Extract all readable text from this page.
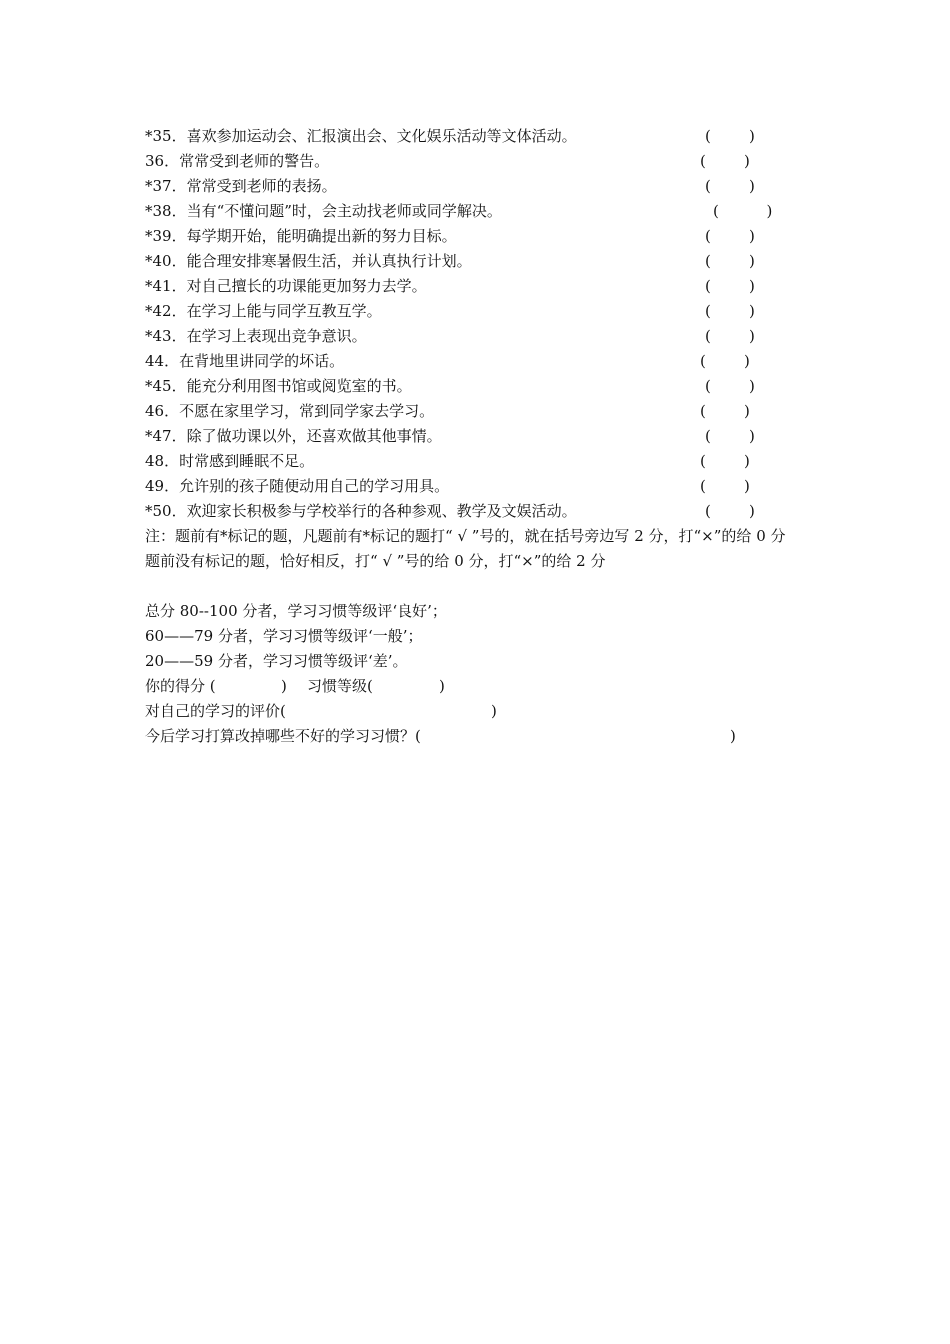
*35．喜欢参加运动会、汇报演出会、文化娱乐活动等文体活动。	(        )
36．常常受到老师的警告。	(        )
*37．常常受到老师的表扬。	(        )
*38．当有“不懂问题”时，会主动找老师或同学解决。	(          )
*39．每学期开始，能明确提出新的努力目标。	(        )
*40．能合理安排寒暑假生活，并认真执行计划。	(        )
*41．对自己擅长的功课能更加努力去学。	(        )
*42．在学习上能与同学互教互学。	(        )
*43．在学习上表现出竞争意识。	(        )
44．在背地里讲同学的坏话。	(        )
*45．能充分利用图书馆或阅览室的书。	(        )
46．不愿在家里学习，常到同学家去学习。	(        )
*47．除了做功课以外，还喜欢做其他事情。	(        )
48．时常感到睡眠不足。	(        )
49．允许别的孩子随便动用自己的学习用具。	(        )
*50．欢迎家长积极参与学校举行的各种参观、教学及文娱活动。	(        )
注：题前有*标记的题，凡题前有*标记的题打“ √ ”号的，就在括号旁边写 2 分，打“×”的给 0 分
题前没有标记的题，恰好相反，打“ √ ”号的给 0 分，打“×”的给 2 分
总分 80--100 分者，学习习惯等级评‘良好’；
60——79 分者，学习习惯等级评‘一般’；
20——59 分者，学习习惯等级评‘差’。
你的得分 (	) 习惯等级(	)
对自己的学习的评价(	)
今后学习打算改掉哪些不好的学习习惯？(	)
